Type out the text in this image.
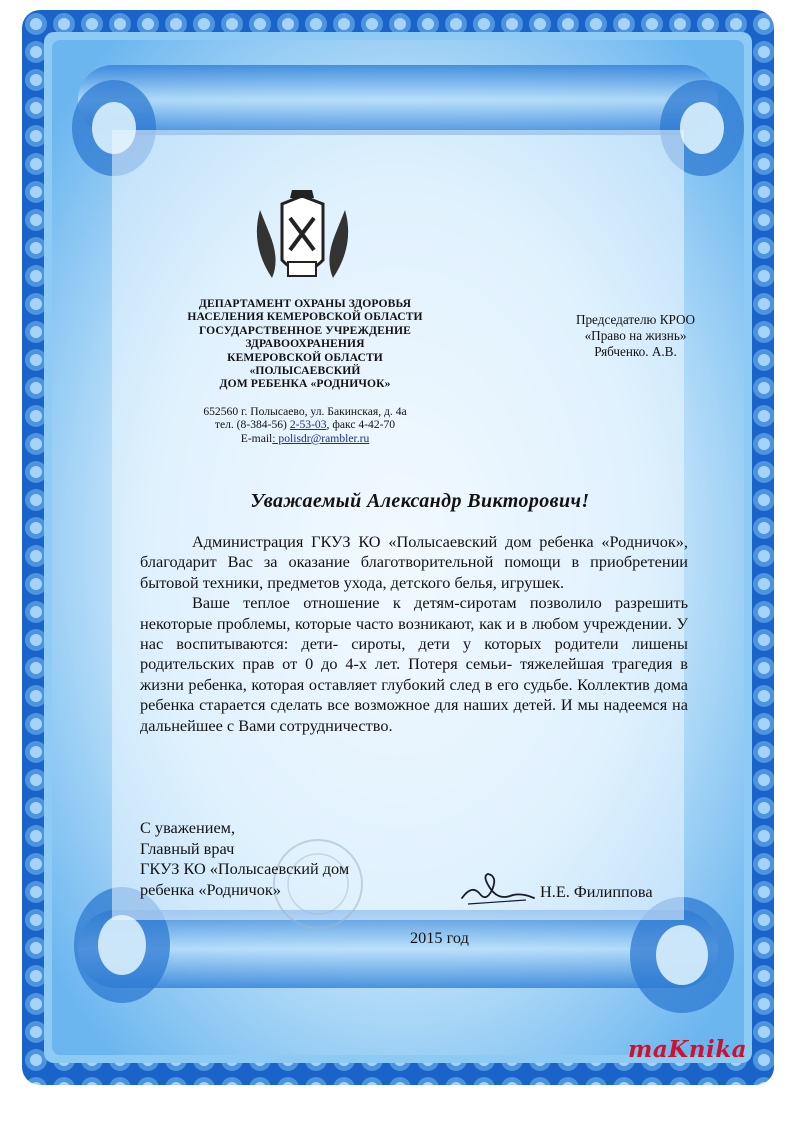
ДЕПАРТАМЕНТ ОХРАНЫ ЗДОРОВЬЯ
НАСЕЛЕНИЯ КЕМЕРОВСКОЙ ОБЛАСТИ
ГОСУДАРСТВЕННОЕ УЧРЕЖДЕНИЕ
ЗДРАВООХРАНЕНИЯ
КЕМЕРОВСКОЙ ОБЛАСТИ
«ПОЛЫСАЕВСКИЙ
ДОМ РЕБЕНКА «РОДНИЧОК»
652560 г. Полысаево, ул. Бакинская, д. 4а
тел. (8-384-56) 2-53-03, факс 4-42-70
E-mail: polisdr@rambler.ru
Председателю КРОО
«Право на жизнь»
Рябченко. А.В.
Уважаемый Александр Викторович!

Администрация ГКУЗ КО «Полысаевский дом ребенка «Родничок», благодарит Вас за оказание благотворительной помощи в приобретении бытовой техники, предметов ухода, детского белья, игрушек.

Ваше теплое отношение к детям-сиротам позволило разрешить некоторые проблемы, которые часто возникают, как и в любом учреждении. У нас воспитываются: дети- сироты, дети у которых родители лишены родительских прав от 0 до 4-х лет. Потеря семьи- тяжелейшая трагедия в жизни ребенка, которая оставляет глубокий след в его судьбе. Коллектив дома ребенка старается сделать все возможное для наших детей. И мы надеемся на дальнейшее с Вами сотрудничество.

С уважением,
Главный врач
ГКУЗ КО «Полысаевский дом
ребенка «Родничок»	Н.Е. Филиппова
2015 год
maKnika
